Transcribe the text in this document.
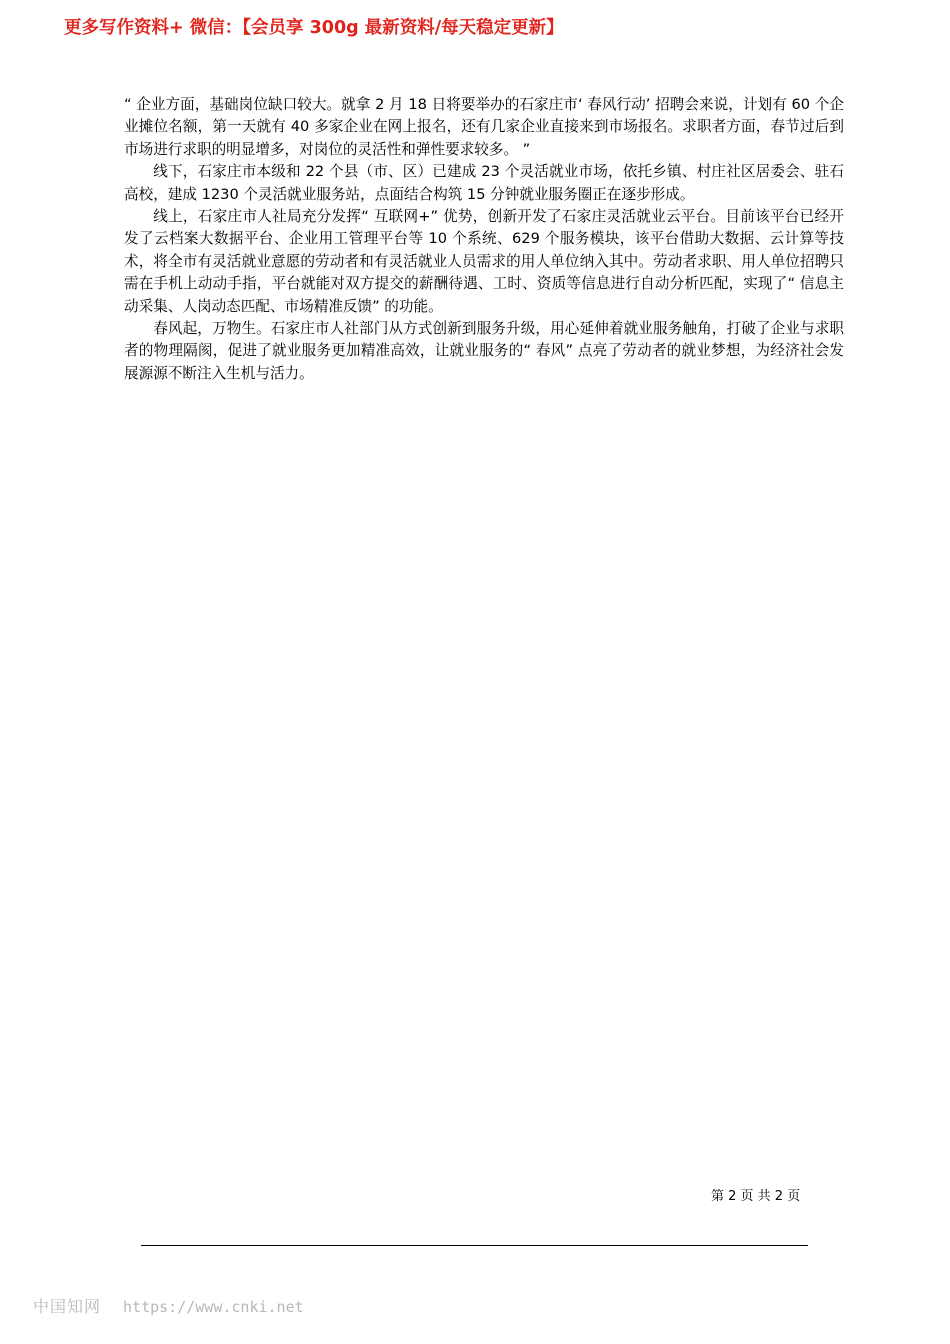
更多写作资料+ 微信：【会员享 300g 最新资料/每天稳定更新】

“ 企业方面，基础岗位缺口较大。就拿 2 月 18 日将要举办的石家庄市‘ 春风行动’ 招聘会来说，计划有 60 个企业摊位名额，第一天就有 40 多家企业在网上报名，还有几家企业直接来到市场报名。求职者方面，春节过后到市场进行求职的明显增多，对岗位的灵活性和弹性要求较多。 ”

线下，石家庄市本级和 22 个县（市、区）已建成 23 个灵活就业市场，依托乡镇、村庄社区居委会、驻石高校，建成 1230 个灵活就业服务站，点面结合构筑 15 分钟就业服务圈正在逐步形成。

线上，石家庄市人社局充分发挥“ 互联网+” 优势，创新开发了石家庄灵活就业云平台。目前该平台已经开发了云档案大数据平台、企业用工管理平台等 10 个系统、629 个服务模块，该平台借助大数据、云计算等技术，将全市有灵活就业意愿的劳动者和有灵活就业人员需求的用人单位纳入其中。劳动者求职、用人单位招聘只需在手机上动动手指，平台就能对双方提交的薪酬待遇、工时、资质等信息进行自动分析匹配，实现了“ 信息主动采集、人岗动态匹配、市场精准反馈” 的功能。

春风起，万物生。石家庄市人社部门从方式创新到服务升级，用心延伸着就业服务触角，打破了企业与求职者的物理隔阂，促进了就业服务更加精准高效，让就业服务的“ 春风” 点亮了劳动者的就业梦想，为经济社会发展源源不断注入生机与活力。

第 2 页 共 2 页
中国知网 https://www.cnki.net
